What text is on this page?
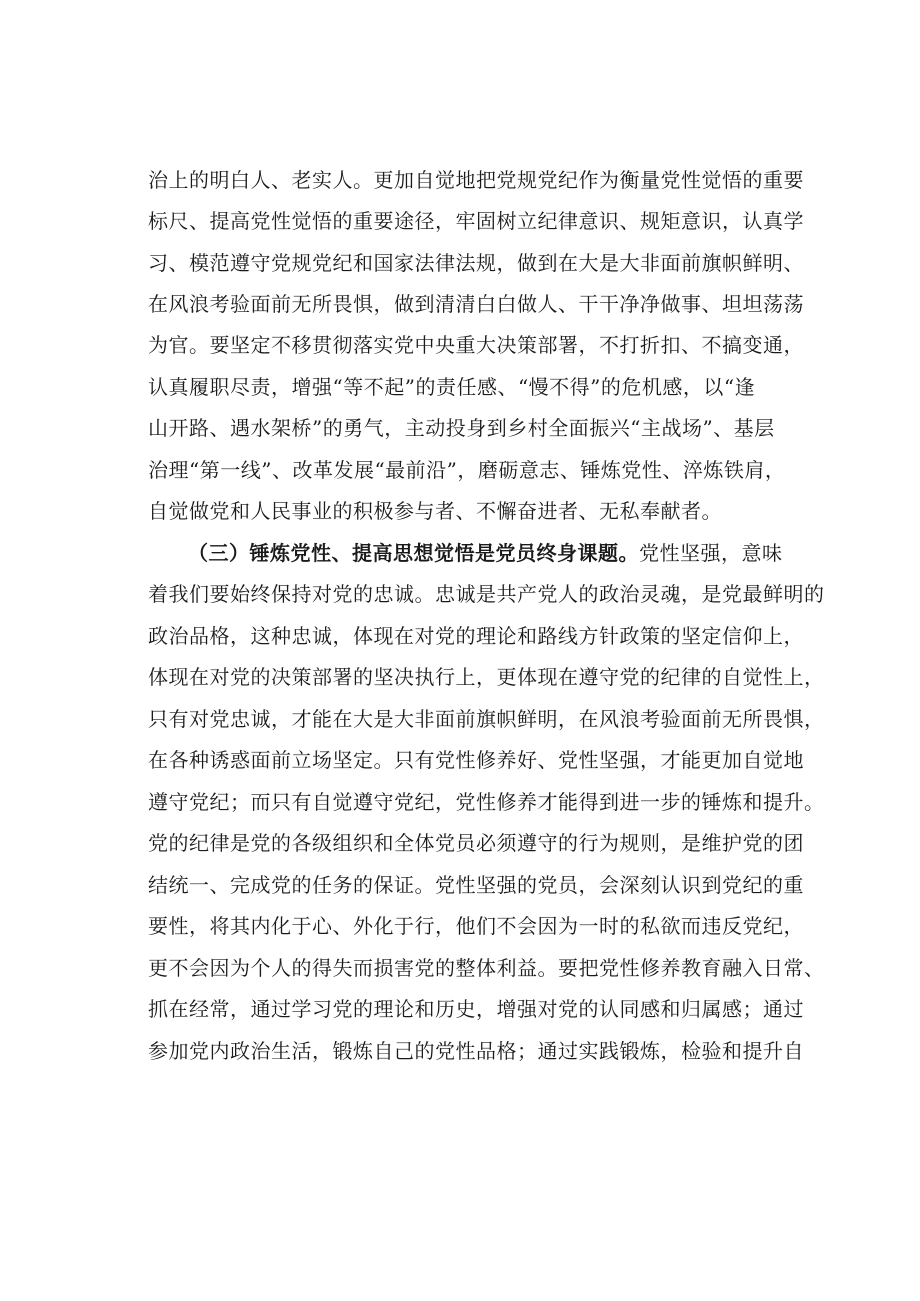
治上的明白人、老实人。更加自觉地把党规党纪作为衡量党性觉悟的重要
标尺、提高党性觉悟的重要途径，牢固树立纪律意识、规矩意识，认真学
习、模范遵守党规党纪和国家法律法规，做到在大是大非面前旗帜鲜明、
在风浪考验面前无所畏惧，做到清清白白做人、干干净净做事、坦坦荡荡
为官。要坚定不移贯彻落实党中央重大决策部署，不打折扣、不搞变通，
认真履职尽责，增强“等不起”的责任感、“慢不得”的危机感，以“逢
山开路、遇水架桥”的勇气，主动投身到乡村全面振兴“主战场”、基层
治理“第一线”、改革发展“最前沿”，磨砺意志、锤炼党性、淬炼铁肩，
自觉做党和人民事业的积极参与者、不懈奋进者、无私奉献者。
（三）锤炼党性、提高思想觉悟是党员终身课题。党性坚强，意味
着我们要始终保持对党的忠诚。忠诚是共产党人的政治灵魂，是党最鲜明的
政治品格，这种忠诚，体现在对党的理论和路线方针政策的坚定信仰上，
体现在对党的决策部署的坚决执行上，更体现在遵守党的纪律的自觉性上，
只有对党忠诚，才能在大是大非面前旗帜鲜明，在风浪考验面前无所畏惧，
在各种诱惑面前立场坚定。只有党性修养好、党性坚强，才能更加自觉地
遵守党纪；而只有自觉遵守党纪，党性修养才能得到进一步的锤炼和提升。
党的纪律是党的各级组织和全体党员必须遵守的行为规则，是维护党的团
结统一、完成党的任务的保证。党性坚强的党员，会深刻认识到党纪的重
要性，将其内化于心、外化于行，他们不会因为一时的私欲而违反党纪，
更不会因为个人的得失而损害党的整体利益。要把党性修养教育融入日常、
抓在经常，通过学习党的理论和历史，增强对党的认同感和归属感；通过
参加党内政治生活，锻炼自己的党性品格；通过实践锻炼，检验和提升自
